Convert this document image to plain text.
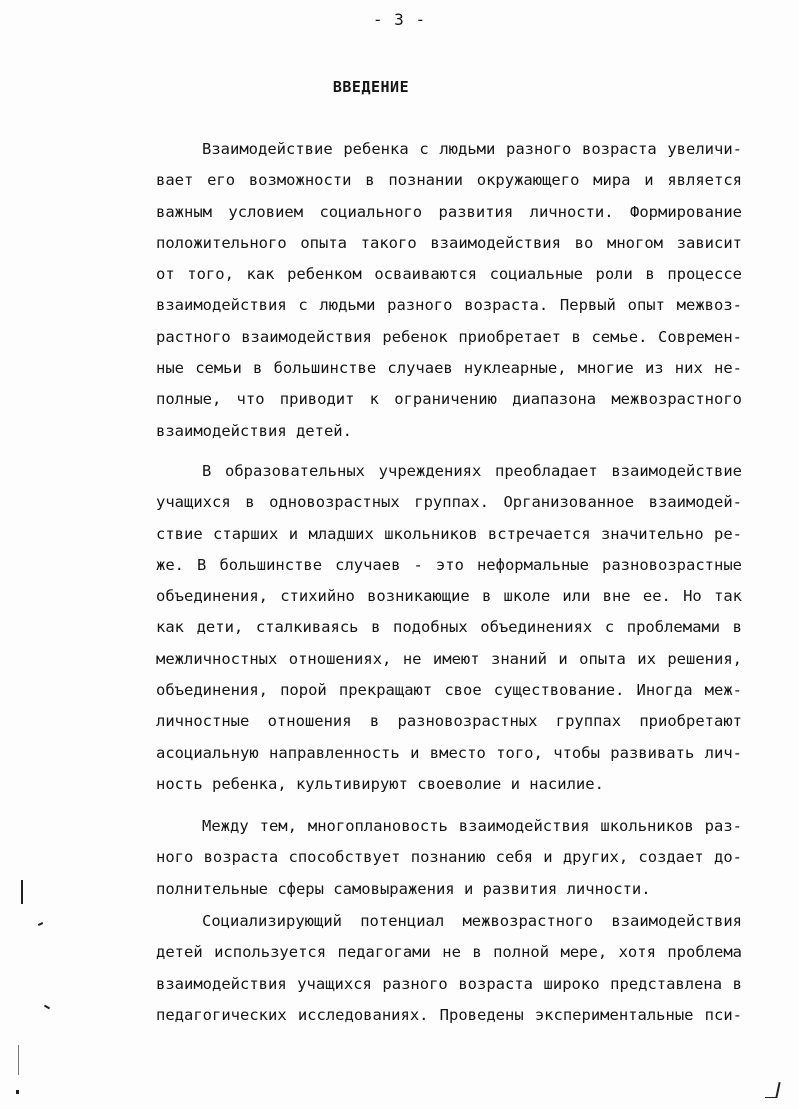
- 3 -
ВВЕДЕНИЕ
Взаимодействие ребенка с людьми разного возраста увеличи-
вает его возможности в познании окружающего мира и является
важным условием социального развития личности. Формирование
положительного опыта такого взаимодействия во многом зависит
от того, как ребенком осваиваются социальные роли в процессе
взаимодействия с людьми разного возраста. Первый опыт межвоз-
растного взаимодействия ребенок приобретает в семье. Современ-
ные семьи в большинстве случаев нуклеарные, многие из них не-
полные, что приводит к ограничению диапазона межвозрастного
взаимодействия детей.
В образовательных учреждениях преобладает взаимодействие
учащихся в одновозрастных группах. Организованное взаимодей-
ствие старших и младших школьников встречается значительно ре-
же. В большинстве случаев - это неформальные разновозрастные
объединения, стихийно возникающие в школе или вне ее. Но так
как дети, сталкиваясь в подобных объединениях с проблемами в
межличностных отношениях, не имеют знаний и опыта их решения,
объединения, порой прекращают свое существование. Иногда меж-
личностные отношения в разновозрастных группах приобретают
асоциальную направленность и вместо того, чтобы развивать лич-
ность ребенка, культивируют своеволие и насилие.
Между тем, многоплановость взаимодействия школьников раз-
ного возраста способствует познанию себя и других, создает до-
полнительные сферы самовыражения и развития личности.
Социализирующий потенциал межвозрастного взаимодействия
детей используется педагогами не в полной мере, хотя проблема
взаимодействия учащихся разного возраста широко представлена в
педагогических исследованиях. Проведены экспериментальные пси-
